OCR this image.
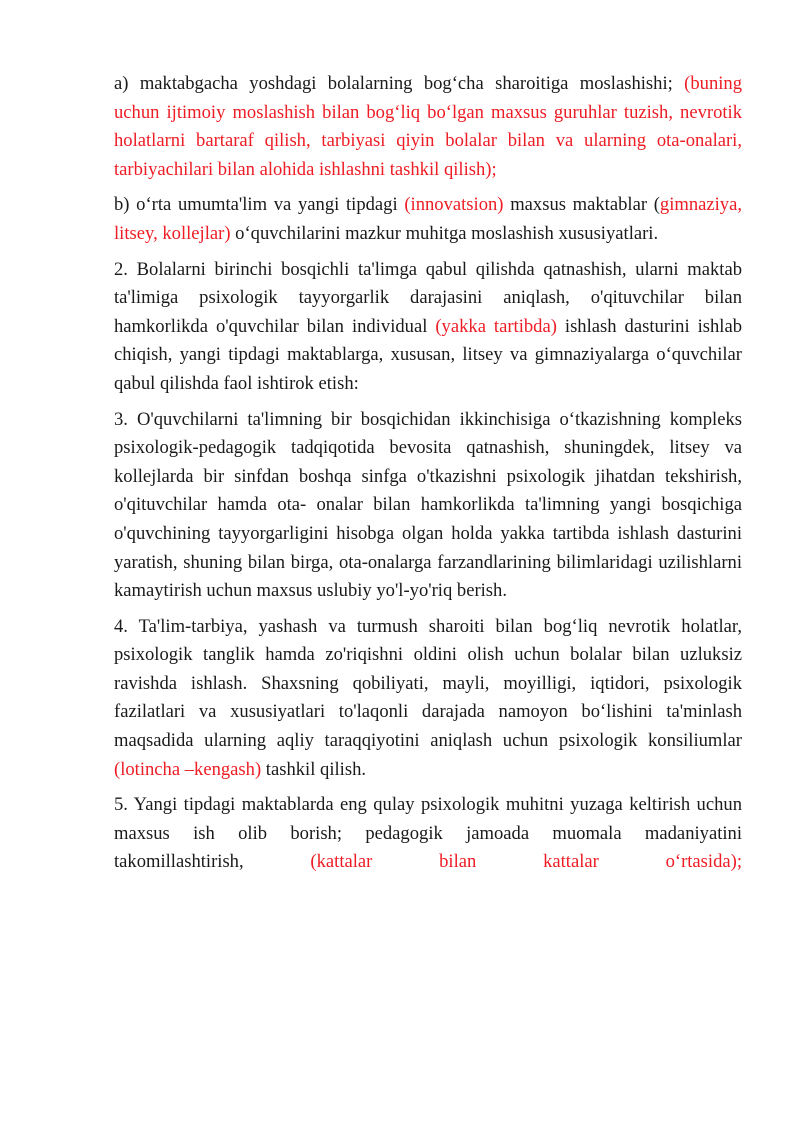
a) maktabgacha yoshdagi bolalarning bog‘cha sharoitiga moslashishi; (buning uchun ijtimoiy moslashish bilan bog‘liq bo‘lgan maxsus guruhlar tuzish, nevrotik holatlarni bartaraf qilish, tarbiyasi qiyin bolalar bilan va ularning ota-onalari, tarbiyachilari bilan alohida ishlashni tashkil qilish);

b) o‘rta umumta'lim va yangi tipdagi (innovatsion) maxsus maktablar (gimnaziya, litsey, kollejlar) o‘quvchilarini mazkur muhitga moslashish xususiyatlari.

2. Bolalarni birinchi bosqichli ta'limga qabul qilishda qatnashish, ularni maktab ta'limiga psixologik tayyorgarlik darajasini aniqlash, o'qituvchilar bilan hamkorlikda o'quvchilar bilan individual (yakka tartibda) ishlash dasturini ishlab chiqish, yangi tipdagi maktablarga, xususan, litsey va gimnaziyalarga o‘quvchilar qabul qilishda faol ishtirok etish:

3. O'quvchilarni ta'limning bir bosqichidan ikkinchisiga o‘tkazishning kompleks psixologik-pedagogik tadqiqotida bevosita qatnashish, shuningdek, litsey va kollejlarda bir sinfdan boshqa sinfga o'tkazishni psixologik jihatdan tekshirish, o'qituvchilar hamda ota- onalar bilan hamkorlikda ta'limning yangi bosqichiga o'quvchining tayyorgarligini hisobga olgan holda yakka tartibda ishlash dasturini yaratish, shuning bilan birga, ota-onalarga farzandlarining bilimlaridagi uzilishlarni kamaytirish uchun maxsus uslubiy yo'l-yo'riq berish.

4. Ta'lim-tarbiya, yashash va turmush sharoiti bilan bog‘liq nevrotik holatlar, psixologik tanglik hamda zo'riqishni oldini olish uchun bolalar bilan uzluksiz ravishda ishlash. Shaxsning qobiliyati, mayli, moyilligi, iqtidori, psixologik fazilatlari va xususiyatlari to'laqonli darajada namoyon bo‘lishini ta'minlash maqsadida ularning aqliy taraqqiyotini aniqlash uchun psixologik konsiliumlar (lotincha –kengash) tashkil qilish.

5. Yangi tipdagi maktablarda eng qulay psixologik muhitni yuzaga keltirish uchun maxsus ish olib borish; pedagogik jamoada muomala madaniyatini takomillashtirish, (kattalar bilan kattalar o‘rtasida);
